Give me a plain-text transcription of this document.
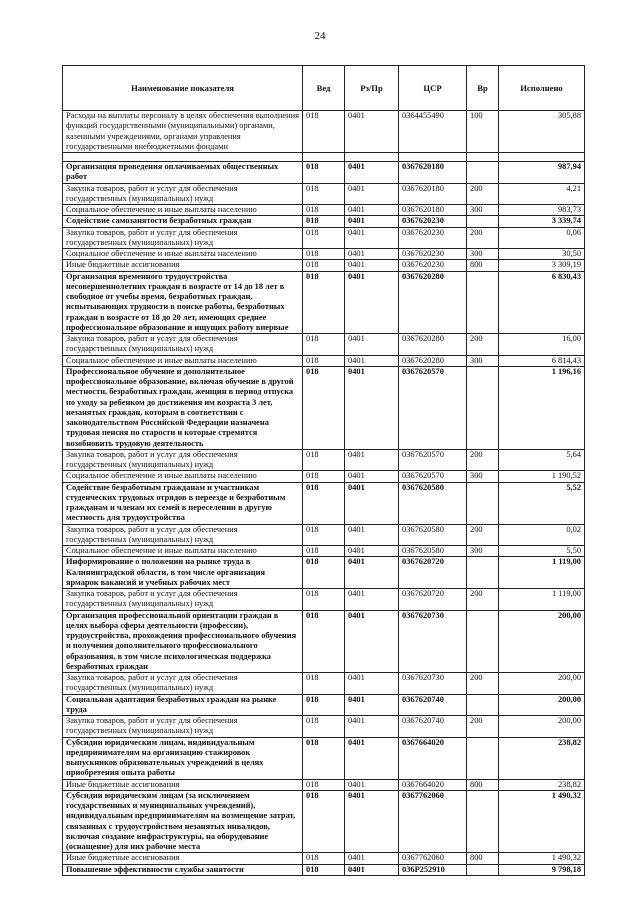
24
Наименование показателя	Вед	Рз/Пр	ЦСР	Вр	Исполнено
Расходы на выплаты персоналу в целях обеспечения выполнения функций государственными (муниципальными) органами, казенными учреждениями, органами управления государственными внебюджетными фондами	018	0401	0364455490	100	305,88

Организация проведения оплачиваемых общественных работ	018	0401	0367620180		987,94
Закупка товаров, работ и услуг для обеспечения государственных (муниципальных) нужд	018	0401	0367620180	200	4,21
Социальное обеспечение и иные выплаты населению	018	0401	0367620180	300	983,73
Содействие самозанятости безработных граждан	018	0401	0367620230		3 339,74
Закупка товаров, работ и услуг для обеспечения государственных (муниципальных) нужд	018	0401	0367620230	200	0,06
Социальное обеспечение и иные выплаты населению	018	0401	0367620230	300	30,50
Иные бюджетные ассигнования	018	0401	0367620230	800	3 309,19
Организация временного трудоустройства несовершеннолетних граждан в возрасте от 14 до 18 лет в свободное от учебы время, безработных граждан, испытывающих трудности в поиске работы, безработных граждан в возрасте от 18 до 20 лет, имеющих среднее профессиональное образование и ищущих работу впервые	018	0401	0367620280		6 830,43
Закупка товаров, работ и услуг для обеспечения государственных (муниципальных) нужд	018	0401	0367620280	200	16,00
Социальное обеспечение и иные выплаты населению	018	0401	0367620280	300	6 814,43
Профессиональное обучение и дополнительное профессиональное образование, включая обучение в другой местности, безработных граждан, женщин в период отпуска по уходу за ребенком до достижения им возраста 3 лет, незанятых граждан, которым в соответствии с законодательством Российской Федерации назначена трудовая пенсия по старости и которые стремятся возобновить трудовую деятельность	018	0401	0367620570		1 196,16
Закупка товаров, работ и услуг для обеспечения государственных (муниципальных) нужд	018	0401	0367620570	200	5,64
Социальное обеспечение и иные выплаты населению	018	0401	0367620570	300	1 190,52
Содействие безработным гражданам и участникам студенческих трудовых отрядов в переезде и безработным гражданам и членам их семей в переселении в другую местность для трудоустройства	018	0401	0367620580		5,52
Закупка товаров, работ и услуг для обеспечения государственных (муниципальных) нужд	018	0401	0367620580	200	0,02
Социальное обеспечение и иные выплаты населению	018	0401	0367620580	300	5,50
Информирование о положении на рынке труда в Калининградской области, в том числе организация ярмарок вакансий и учебных рабочих мест	018	0401	0367620720		1 119,00
Закупка товаров, работ и услуг для обеспечения государственных (муниципальных) нужд	018	0401	0367620720	200	1 119,00
Организация профессиональной ориентации граждан в целях выбора сферы деятельности (профессии), трудоустройства, прохождения профессионального обучения и получения дополнительного профессионального образования, в том числе психологическая поддержка безработных граждан	018	0401	0367620730		200,00
Закупка товаров, работ и услуг для обеспечения государственных (муниципальных) нужд	018	0401	0367620730	200	200,00
Социальная адаптация безработных граждан на рынке труда	018	0401	0367620740		200,00
Закупка товаров, работ и услуг для обеспечения государственных (муниципальных) нужд	018	0401	0367620740	200	200,00
Субсидии юридическим лицам, индивидуальным предпринимателям на организацию стажировок выпускников образовательных учреждений в целях приобретения опыта работы	018	0401	0367664020		238,82
Иные бюджетные ассигнования	018	0401	0367664020	800	238,82
Субсидии юридическим лицам (за исключением государственных и муниципальных учреждений), индивидуальным предпринимателям на возмещение затрат, связанных с трудоустройством незанятых инвалидов, включая создание инфраструктуры, на оборудование (оснащение) для них рабочие места	018	0401	0367762060		1 490,32
Иные бюджетные ассигнования	018	0401	0367762060	800	1 490,32
Повышение эффективности службы занятости	018	0401	036Р252910		9 798,18
